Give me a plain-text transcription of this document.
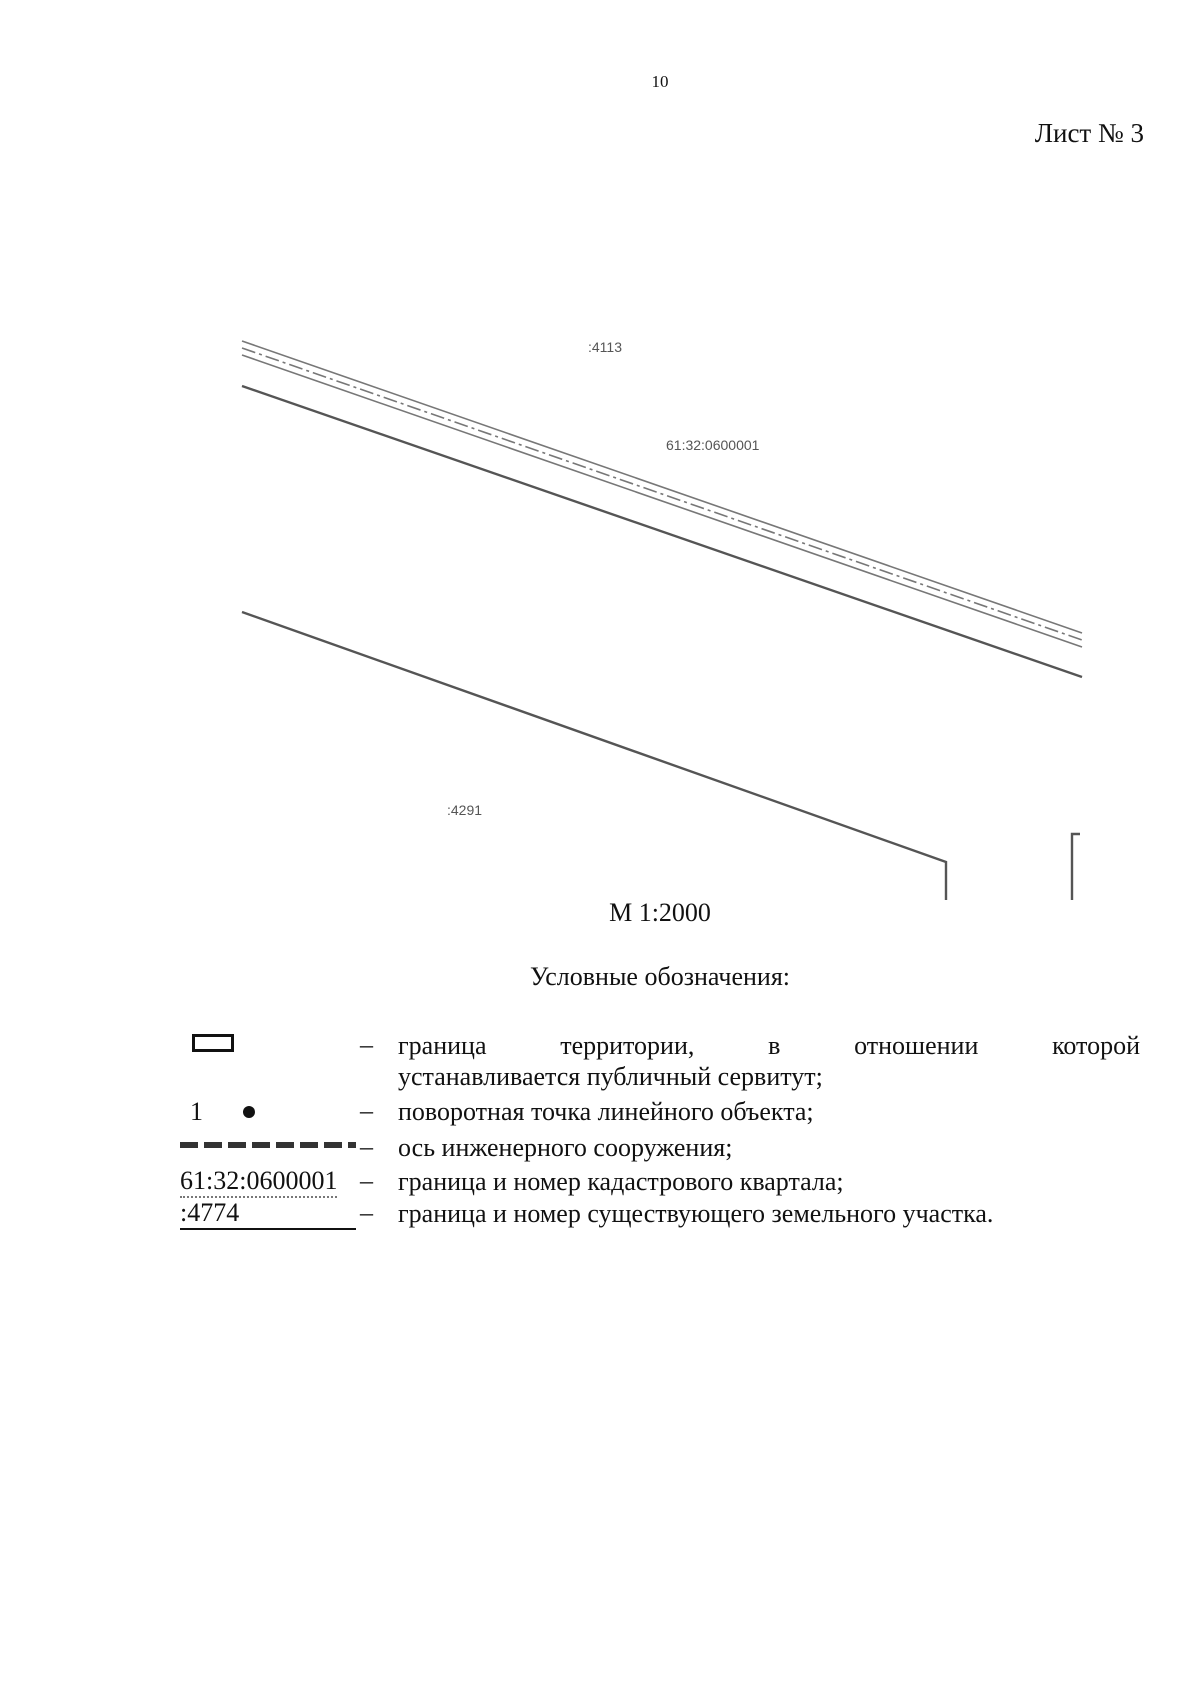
10
Лист № 3
:4113
61:32:0600001
:4291
М 1:2000
Условные обозначения:
– граница территории, в отношении которой
устанавливается публичный сервитут;
1	– поворотная точка линейного объекта;
– ось инженерного сооружения;
61:32:0600001 – граница и номер кадастрового квартала;
:4774	– граница и номер существующего земельного участка.
